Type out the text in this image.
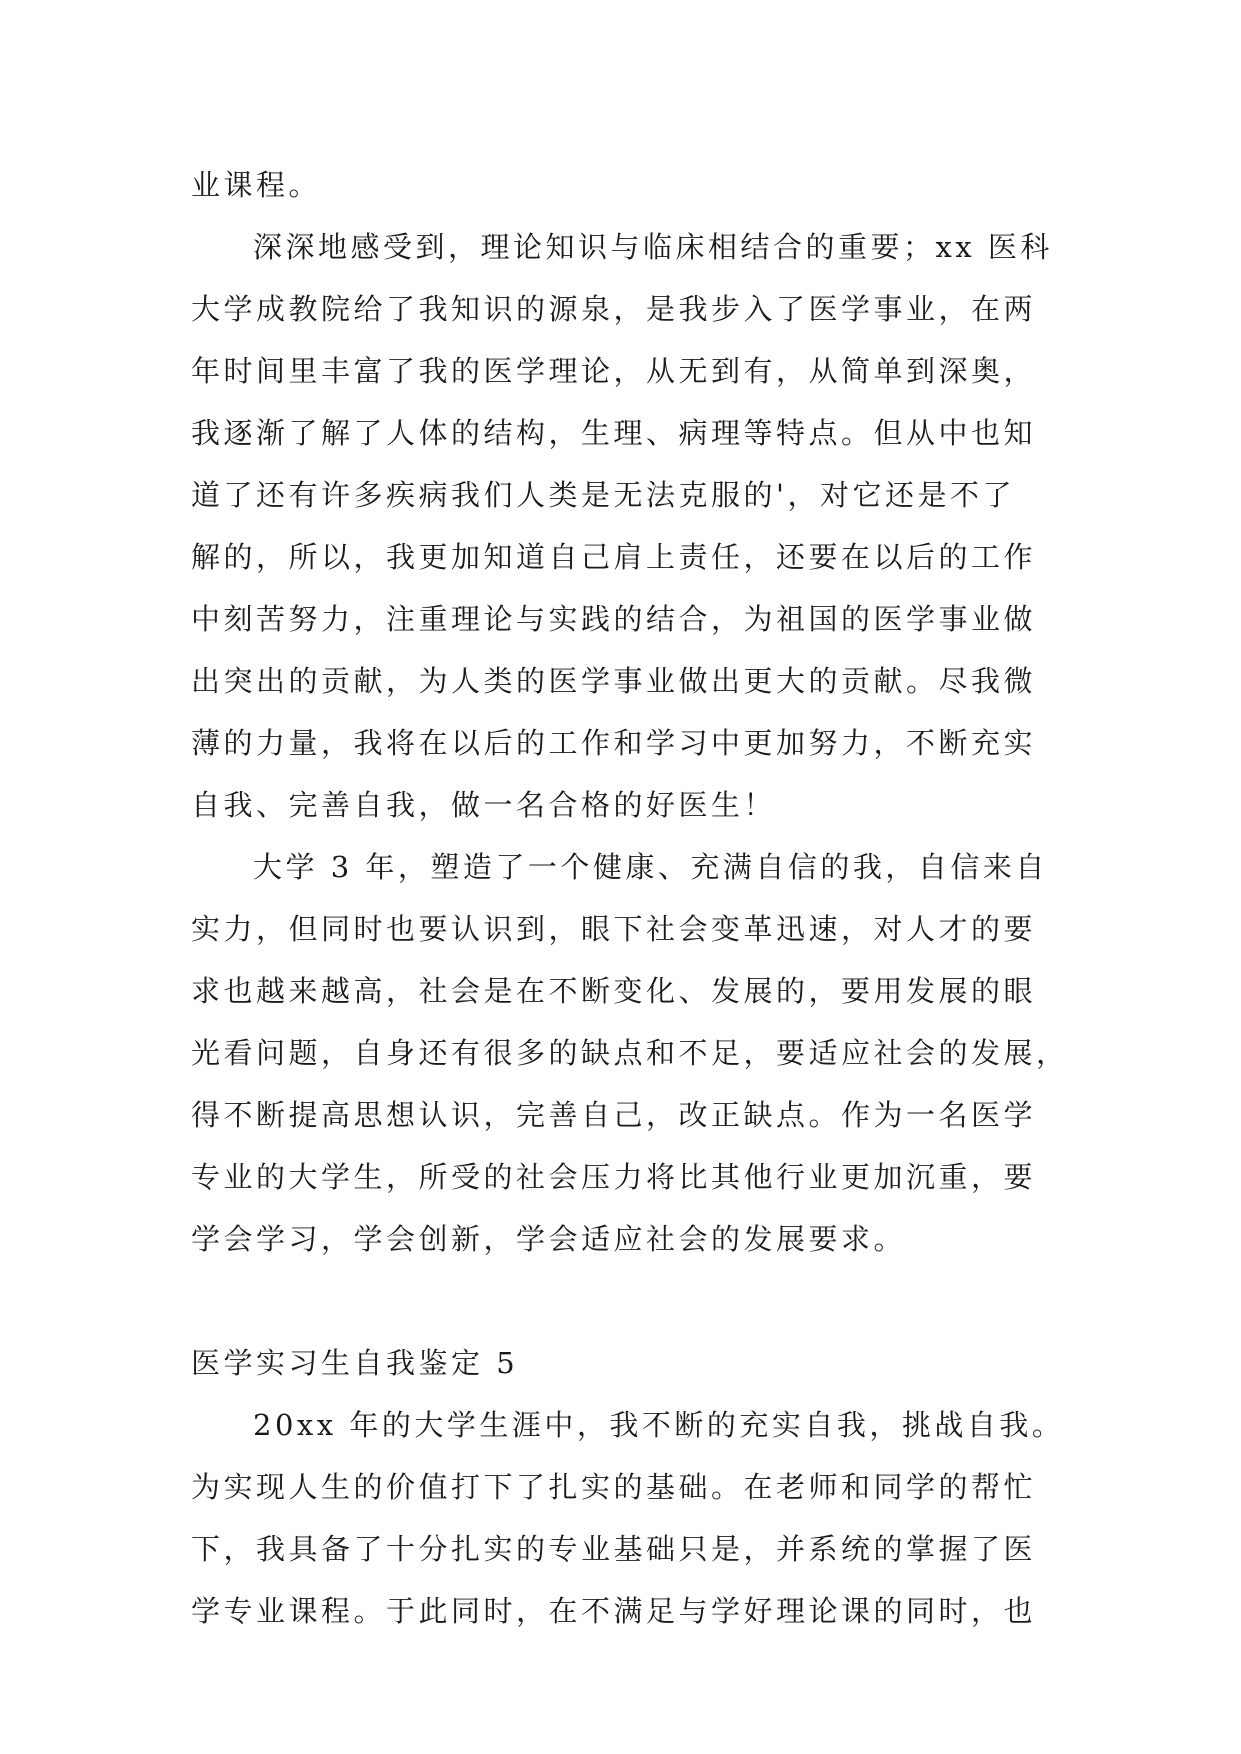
业课程。
深深地感受到，理论知识与临床相结合的重要；xx 医科
大学成教院给了我知识的源泉，是我步入了医学事业，在两
年时间里丰富了我的医学理论，从无到有，从简单到深奥，
我逐渐了解了人体的结构，生理、病理等特点。但从中也知
道了还有许多疾病我们人类是无法克服的'，对它还是不了
解的，所以，我更加知道自己肩上责任，还要在以后的工作
中刻苦努力，注重理论与实践的结合，为祖国的医学事业做
出突出的贡献，为人类的医学事业做出更大的贡献。尽我微
薄的力量，我将在以后的工作和学习中更加努力，不断充实
自我、完善自我，做一名合格的好医生！
大学 3 年，塑造了一个健康、充满自信的我，自信来自
实力，但同时也要认识到，眼下社会变革迅速，对人才的要
求也越来越高，社会是在不断变化、发展的，要用发展的眼
光看问题，自身还有很多的缺点和不足，要适应社会的发展，
得不断提高思想认识，完善自己，改正缺点。作为一名医学
专业的大学生，所受的社会压力将比其他行业更加沉重，要
学会学习，学会创新，学会适应社会的发展要求。
医学实习生自我鉴定 5
20xx 年的大学生涯中，我不断的充实自我，挑战自我。
为实现人生的价值打下了扎实的基础。在老师和同学的帮忙
下，我具备了十分扎实的专业基础只是，并系统的掌握了医
学专业课程。于此同时，在不满足与学好理论课的同时，也
